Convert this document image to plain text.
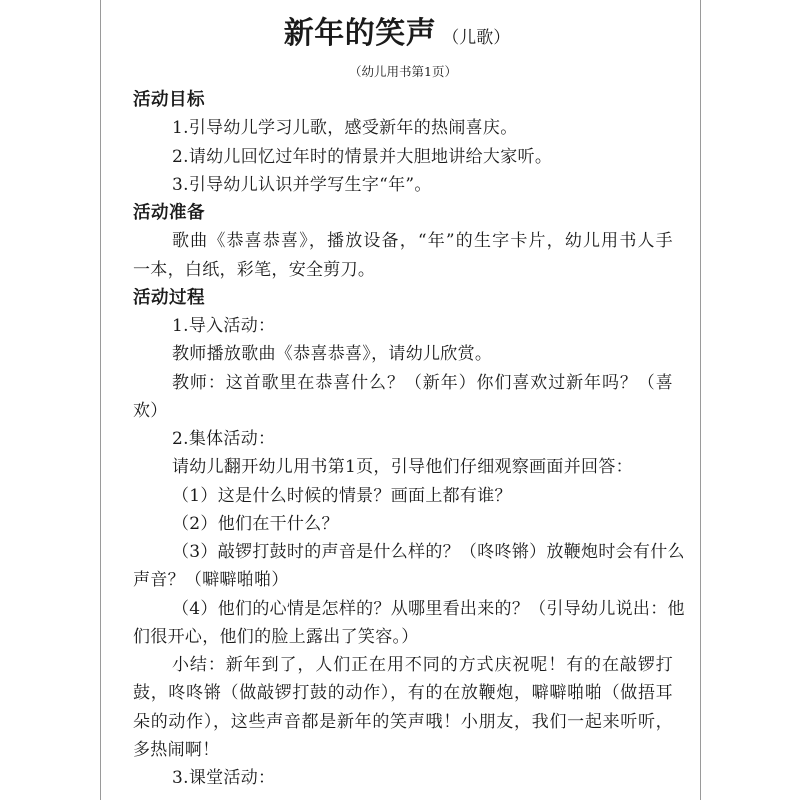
新年的笑声 （儿歌）
（幼儿用书第1页）
活动目标
1.引导幼儿学习儿歌，感受新年的热闹喜庆。
2.请幼儿回忆过年时的情景并大胆地讲给大家听。
3.引导幼儿认识并学写生字“年”。
活动准备
歌曲《恭喜恭喜》，播放设备，“年”的生字卡片，幼儿用书人手
一本，白纸，彩笔，安全剪刀。
活动过程
1.导入活动：
教师播放歌曲《恭喜恭喜》，请幼儿欣赏。
教师：这首歌里在恭喜什么？（新年）你们喜欢过新年吗？（喜
欢）
2.集体活动：
请幼儿翻开幼儿用书第1页，引导他们仔细观察画面并回答：
（1）这是什么时候的情景？画面上都有谁？
（2）他们在干什么？
（3）敲锣打鼓时的声音是什么样的？（咚咚锵）放鞭炮时会有什么
声音？（噼噼啪啪）
（4）他们的心情是怎样的？从哪里看出来的？（引导幼儿说出：他
们很开心，他们的脸上露出了笑容。）
小结：新年到了，人们正在用不同的方式庆祝呢！有的在敲锣打
鼓，咚咚锵（做敲锣打鼓的动作），有的在放鞭炮，噼噼啪啪（做捂耳
朵的动作），这些声音都是新年的笑声哦！小朋友，我们一起来听听，
多热闹啊！
3.课堂活动：
